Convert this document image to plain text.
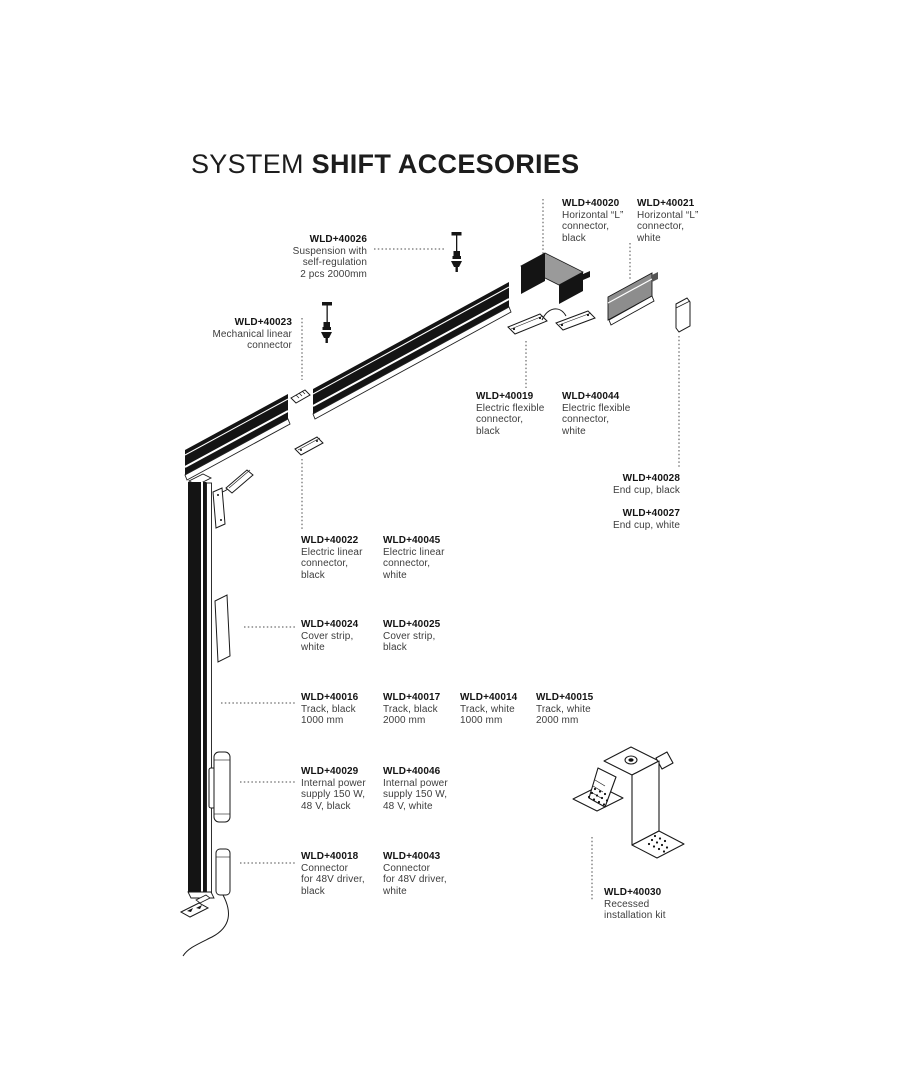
SYSTEM SHIFT ACCESORIES
WLD+40026
Suspension with
self-regulation
2 pcs 2000mm
WLD+40020
Horizontal “L”
connector,
black
WLD+40021
Horizontal “L”
connector,
white
WLD+40023
Mechanical linear
connector
WLD+40019
Electric flexible
connector,
black
WLD+40044
Electric flexible
connector,
white
WLD+40028
End cup, black
WLD+40027
End cup, white
WLD+40022
Electric linear
connector,
black
WLD+40045
Electric linear
connector,
white
WLD+40024
Cover strip,
white
WLD+40025
Cover strip,
black
WLD+40016
Track, black
1000 mm
WLD+40017
Track, black
2000 mm
WLD+40014
Track, white
1000 mm
WLD+40015
Track, white
2000 mm
WLD+40029
Internal power
supply 150 W,
48 V, black
WLD+40046
Internal power
supply 150 W,
48 V, white
WLD+40018
Connector
for 48V driver,
black
WLD+40043
Connector
for 48V driver,
white	WLD+40030
Recessed
installation kit
